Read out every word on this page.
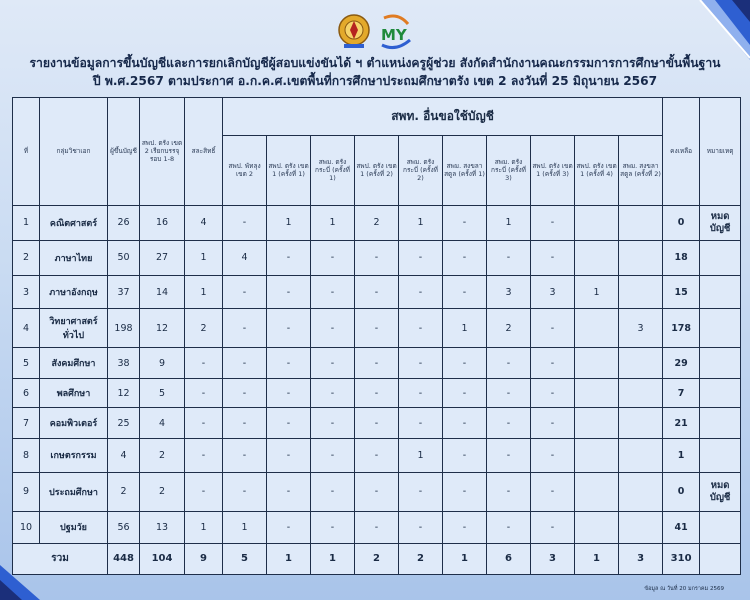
MY
รายงานข้อมูลการขึ้นบัญชีและการยกเลิกบัญชีผู้สอบแข่งขันได้ ฯ ตำแหน่งครูผู้ช่วย สังกัดสำนักงานคณะกรรมการการศึกษาขั้นพื้นฐาน
ปี พ.ศ.2567 ตามประกาศ อ.ก.ค.ศ.เขตพื้นที่การศึกษาประถมศึกษาตรัง เขต 2 ลงวันที่ 25 มิถุนายน 2567
ที่	กลุ่มวิชาเอก	ผู้ขึ้นบัญชี	สพป. ตรัง เขต 2 เรียกบรรจุ รอบ 1-8	สละสิทธิ์	สพท. อื่นขอใช้บัญชี										คงเหลือ	หมายเหตุ
					สพป. พัทลุง เขต 2	สพป. ตรัง เขต 1 (ครั้งที่ 1)	สพม. ตรัง กระบี่ (ครั้งที่ 1)	สพป. ตรัง เขต 1 (ครั้งที่ 2)	สพม. ตรัง กระบี่ (ครั้งที่ 2)	สพม. สงขลา สตูล (ครั้งที่ 1)	สพม. ตรัง กระบี่ (ครั้งที่ 3)	สพป. ตรัง เขต 1 (ครั้งที่ 3)	สพป. ตรัง เขต 1 (ครั้งที่ 4)	สพม. สงขลา สตูล (ครั้งที่ 2)		
1	คณิตศาสตร์	26	16	4	-	1	1	2	1	-	1	-			0	หมด บัญชี
2	ภาษาไทย	50	27	1	4	-	-	-	-	-	-	-			18	
3	ภาษาอังกฤษ	37	14	1	-	-	-	-	-	-	3	3	1		15	
4	วิทยาศาสตร์ ทั่วไป	198	12	2	-	-	-	-	-	1	2	-		3	178	
5	สังคมศึกษา	38	9	-	-	-	-	-	-	-	-	-			29	
6	พลศึกษา	12	5	-	-	-	-	-	-	-	-	-			7	
7	คอมพิวเตอร์	25	4	-	-	-	-	-	-	-	-	-			21	
8	เกษตรกรรม	4	2	-	-	-	-	-	1	-	-	-			1	
9	ประถมศึกษา	2	2	-	-	-	-	-	-	-	-	-			0	หมด บัญชี
10	ปฐมวัย	56	13	1	1	-	-	-	-	-	-	-			41	
รวม		448	104	9	5	1	1	2	2	1	6	3	1	3	310	
ข้อมูล ณ วันที่ 20 มกราคม 2569
